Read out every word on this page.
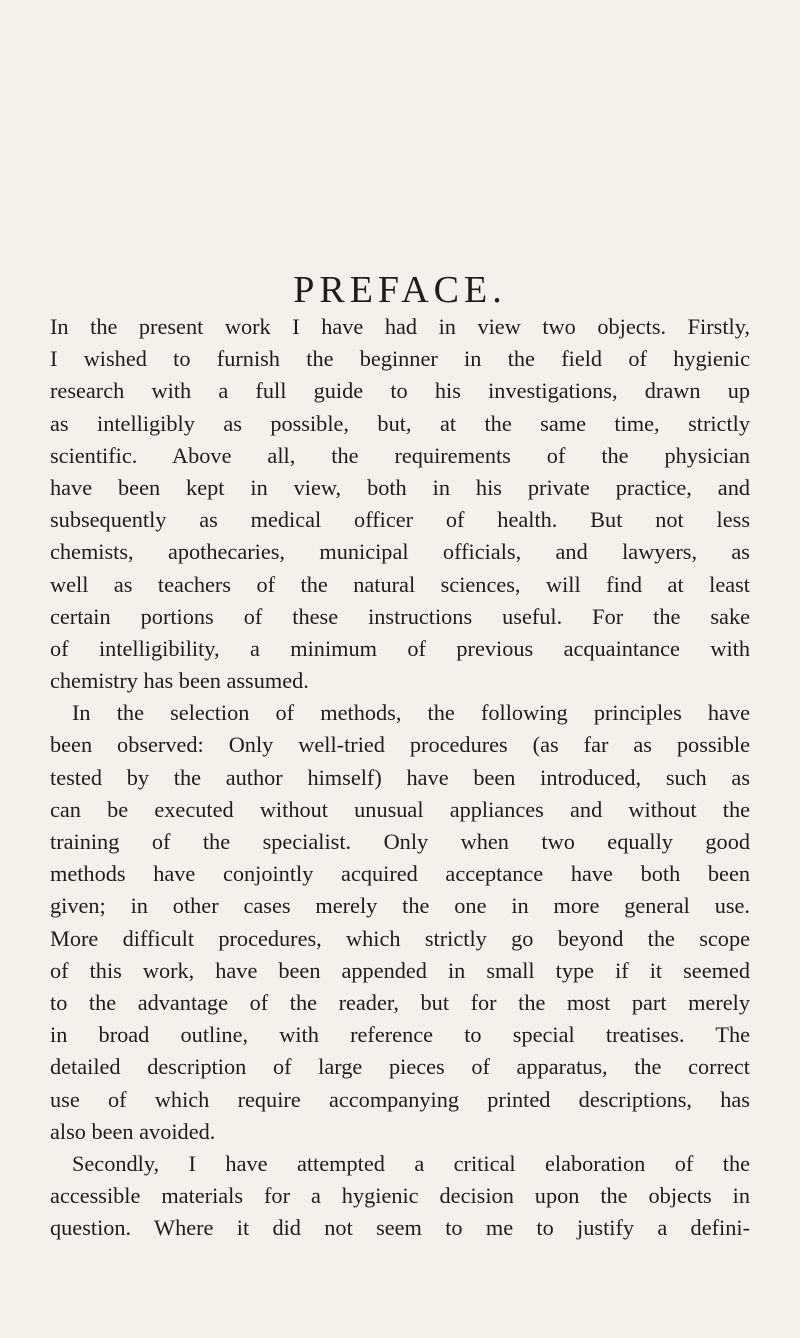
PREFACE.
In the present work I have had in view two objects. Firstly,
I wished to furnish the beginner in the field of hygienic
research with a full guide to his investigations, drawn up
as intelligibly as possible, but, at the same time, strictly
scientific. Above all, the requirements of the physician
have been kept in view, both in his private practice, and
subsequently as medical officer of health. But not less
chemists, apothecaries, municipal officials, and lawyers, as
well as teachers of the natural sciences, will find at least
certain portions of these instructions useful. For the sake
of intelligibility, a minimum of previous acquaintance with
chemistry has been assumed.
In the selection of methods, the following principles have
been observed: Only well-tried procedures (as far as possible
tested by the author himself) have been introduced, such as
can be executed without unusual appliances and without the
training of the specialist. Only when two equally good
methods have conjointly acquired acceptance have both been
given; in other cases merely the one in more general use.
More difficult procedures, which strictly go beyond the scope
of this work, have been appended in small type if it seemed
to the advantage of the reader, but for the most part merely
in broad outline, with reference to special treatises. The
detailed description of large pieces of apparatus, the correct
use of which require accompanying printed descriptions, has
also been avoided.
Secondly, I have attempted a critical elaboration of the
accessible materials for a hygienic decision upon the objects in
question. Where it did not seem to me to justify a defini-
